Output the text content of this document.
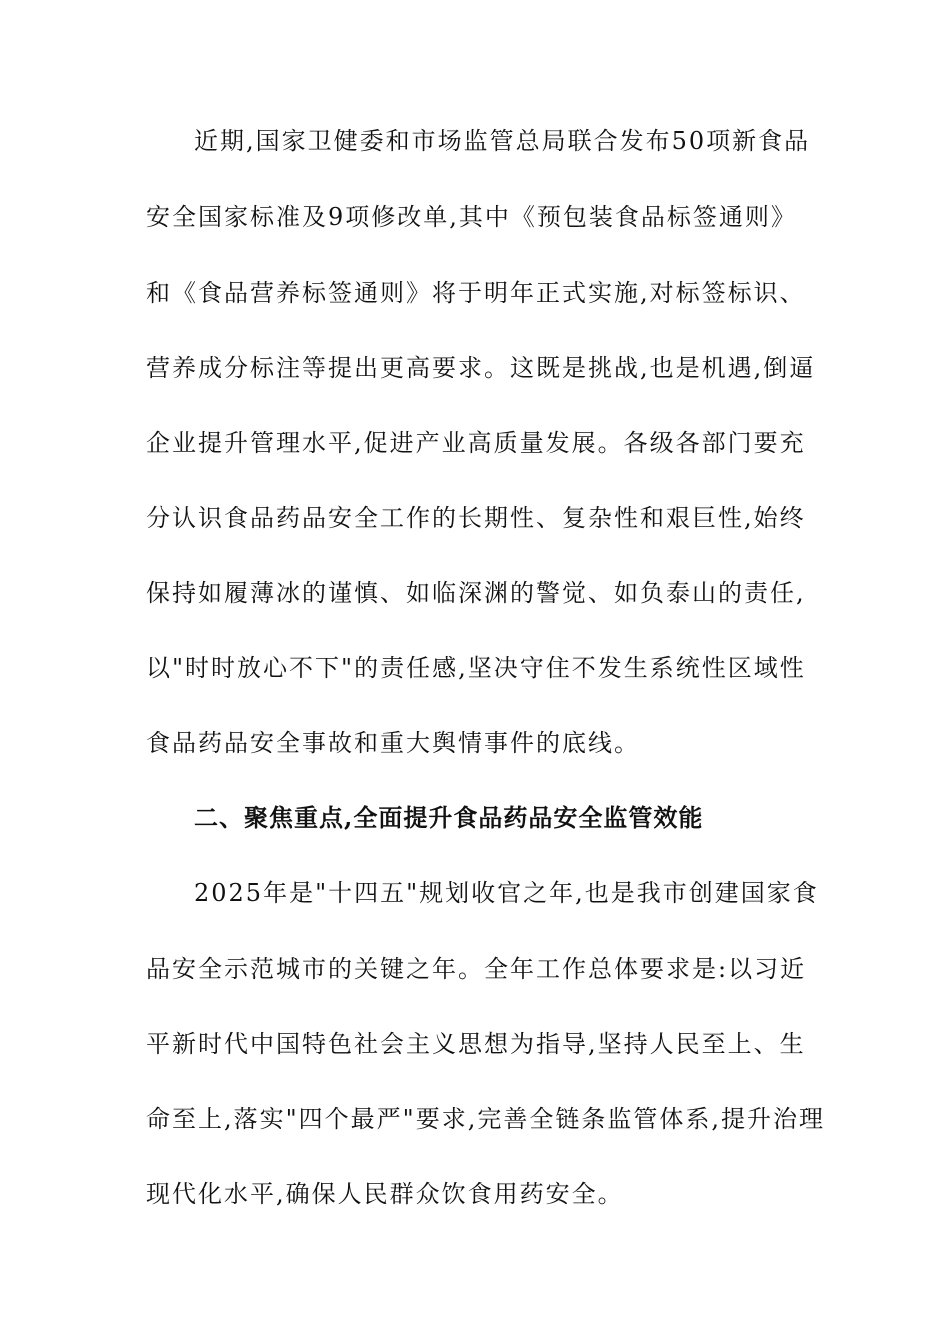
近期,国家卫健委和市场监管总局联合发布50项新食品
安全国家标准及9项修改单,其中《预包装食品标签通则》
和《食品营养标签通则》将于明年正式实施,对标签标识、
营养成分标注等提出更高要求。这既是挑战,也是机遇,倒逼
企业提升管理水平,促进产业高质量发展。各级各部门要充
分认识食品药品安全工作的长期性、复杂性和艰巨性,始终
保持如履薄冰的谨慎、如临深渊的警觉、如负泰山的责任,
以"时时放心不下"的责任感,坚决守住不发生系统性区域性
食品药品安全事故和重大舆情事件的底线。
二、聚焦重点,全面提升食品药品安全监管效能
2025年是"十四五"规划收官之年,也是我市创建国家食
品安全示范城市的关键之年。全年工作总体要求是:以习近
平新时代中国特色社会主义思想为指导,坚持人民至上、生
命至上,落实"四个最严"要求,完善全链条监管体系,提升治理
现代化水平,确保人民群众饮食用药安全。
